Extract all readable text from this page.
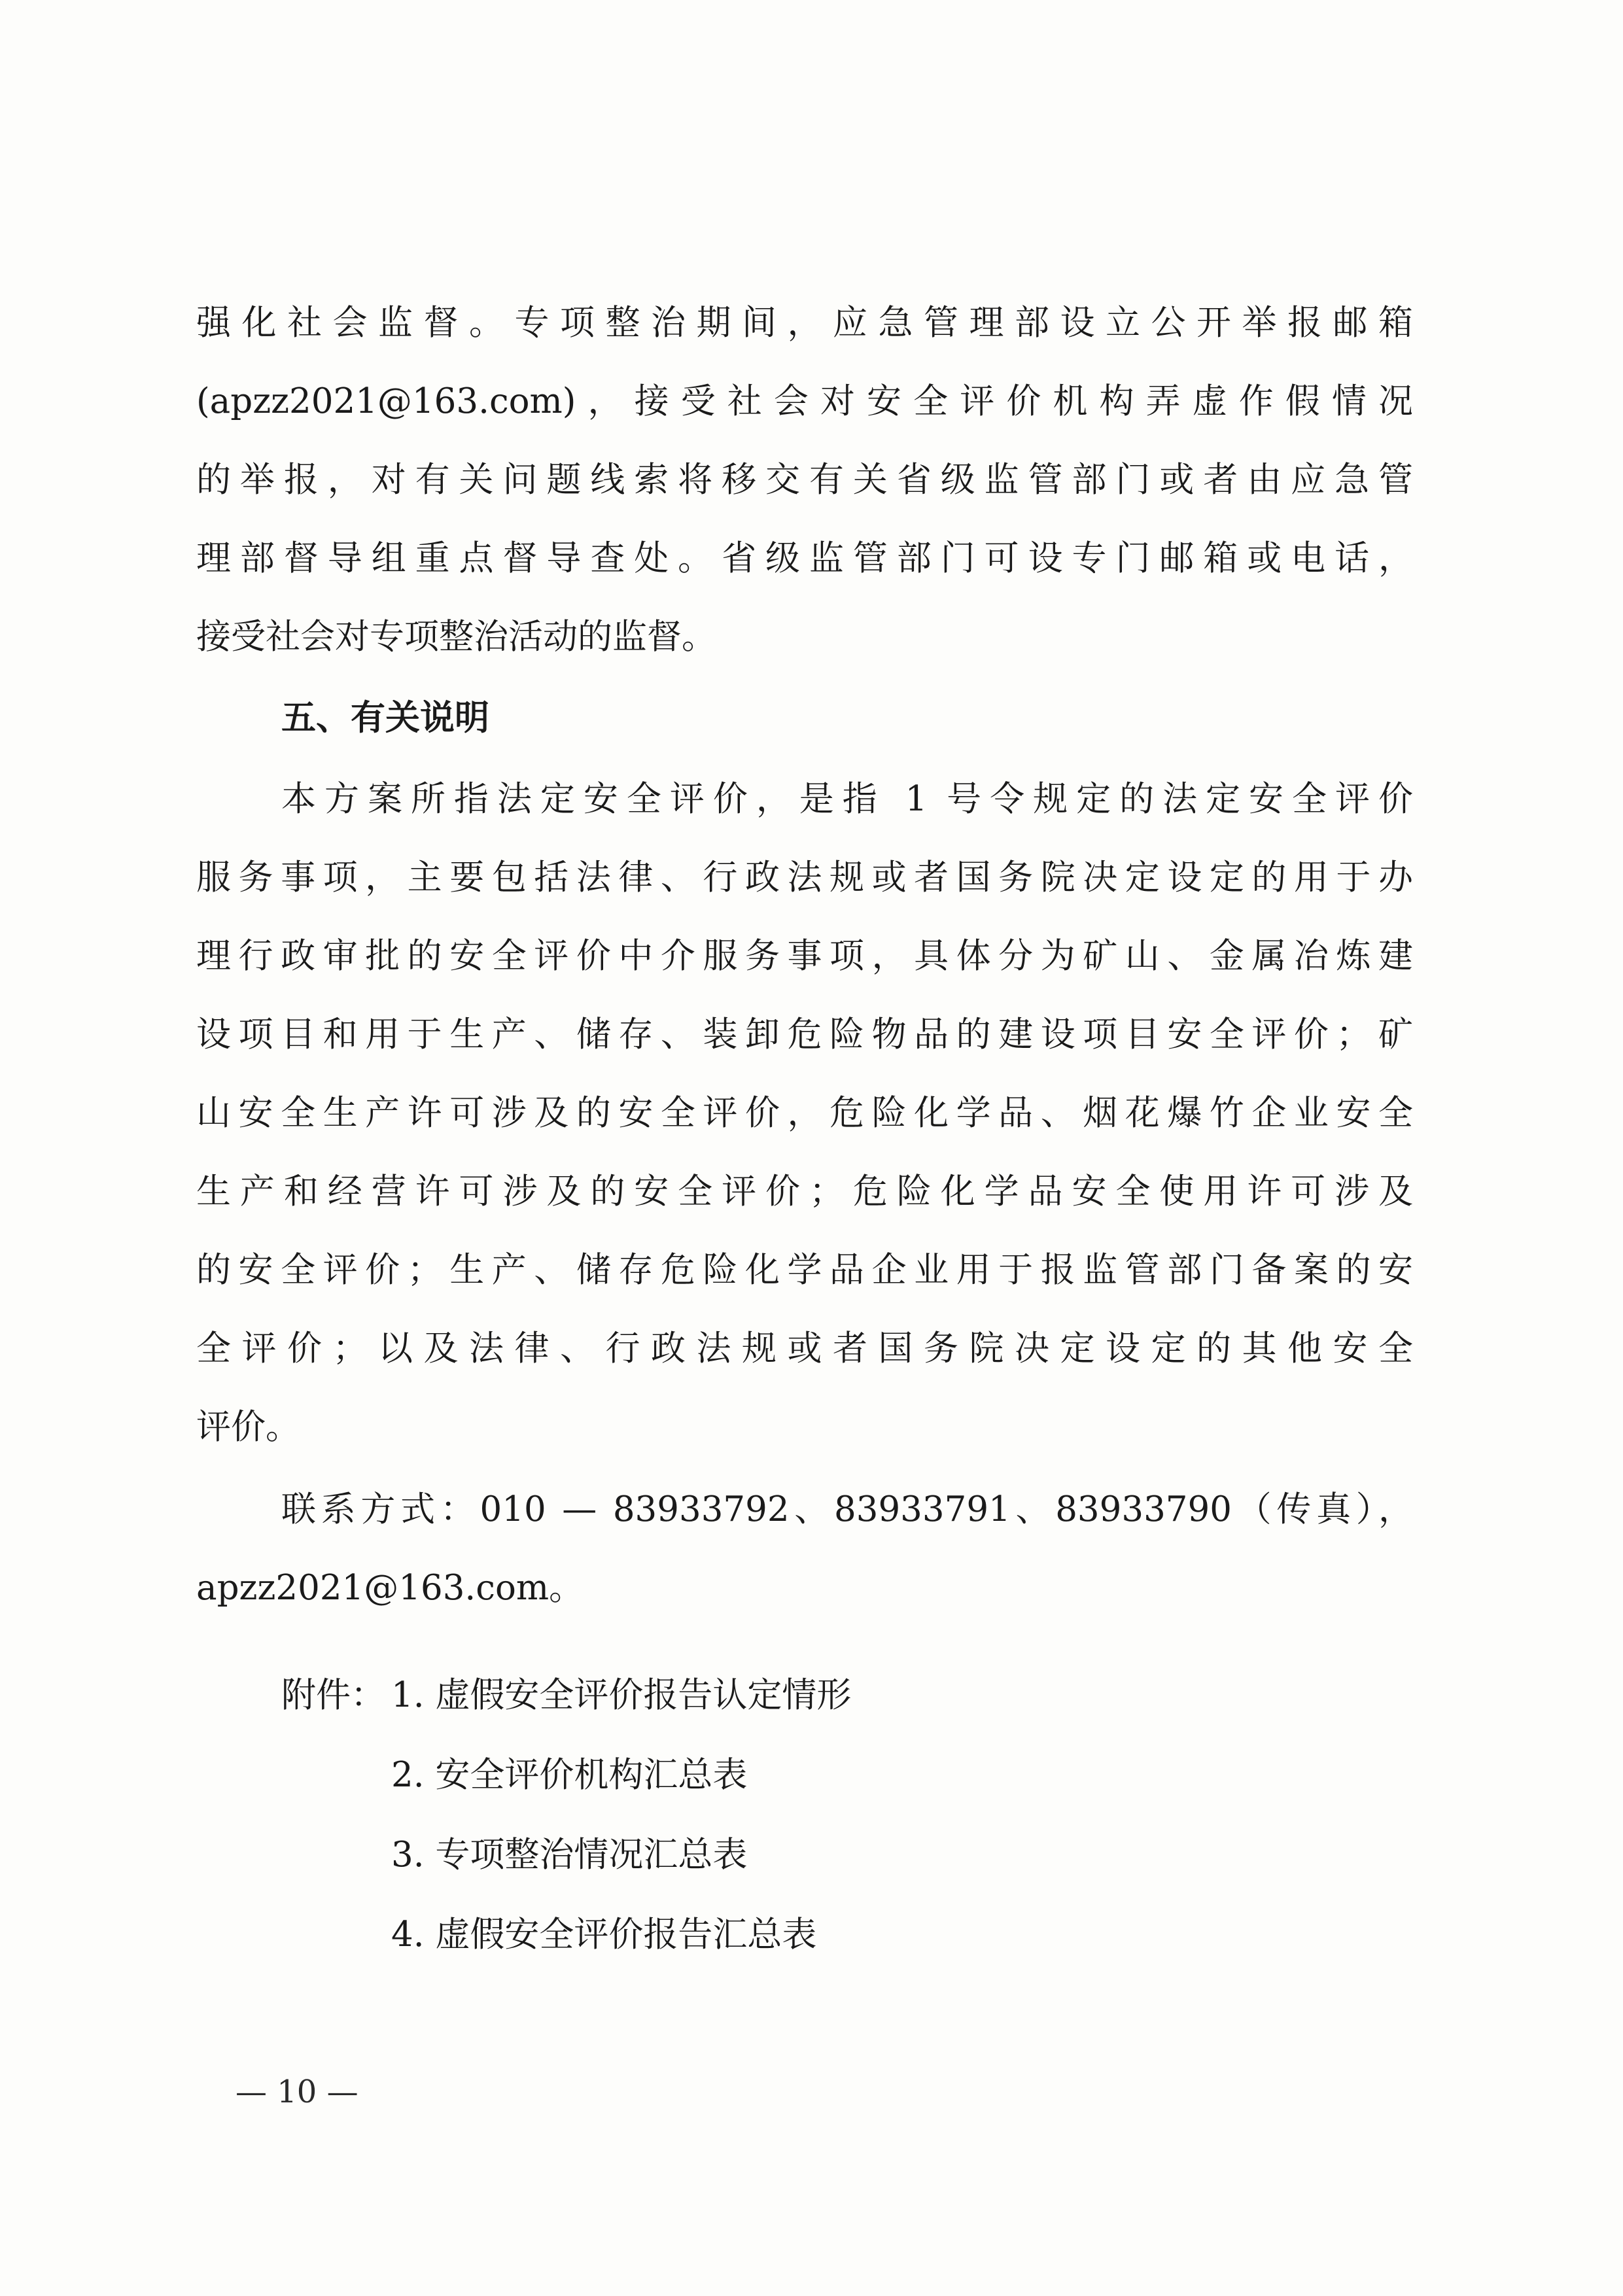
强化社会监督。专项整治期间，应急管理部设立公开举报邮箱
(apzz2021@163.com)，接受社会对安全评价机构弄虚作假情况
的举报，对有关问题线索将移交有关省级监管部门或者由应急管
理部督导组重点督导查处。省级监管部门可设专门邮箱或电话，
接受社会对专项整治活动的监督。
五、有关说明
本方案所指法定安全评价，是指 1 号令规定的法定安全评价
服务事项，主要包括法律、行政法规或者国务院决定设定的用于办
理行政审批的安全评价中介服务事项，具体分为矿山、金属冶炼建
设项目和用于生产、储存、装卸危险物品的建设项目安全评价；矿
山安全生产许可涉及的安全评价，危险化学品、烟花爆竹企业安全
生产和经营许可涉及的安全评价；危险化学品安全使用许可涉及
的安全评价；生产、储存危险化学品企业用于报监管部门备案的安
全评价；以及法律、行政法规或者国务院决定设定的其他安全
评价。
联系方式：010 — 83933792、83933791、83933790（传真），
apzz2021@163.com。
附件： 1. 虚假安全评价报告认定情形
2. 安全评价机构汇总表
3. 专项整治情况汇总表
4. 虚假安全评价报告汇总表
— 10 —
